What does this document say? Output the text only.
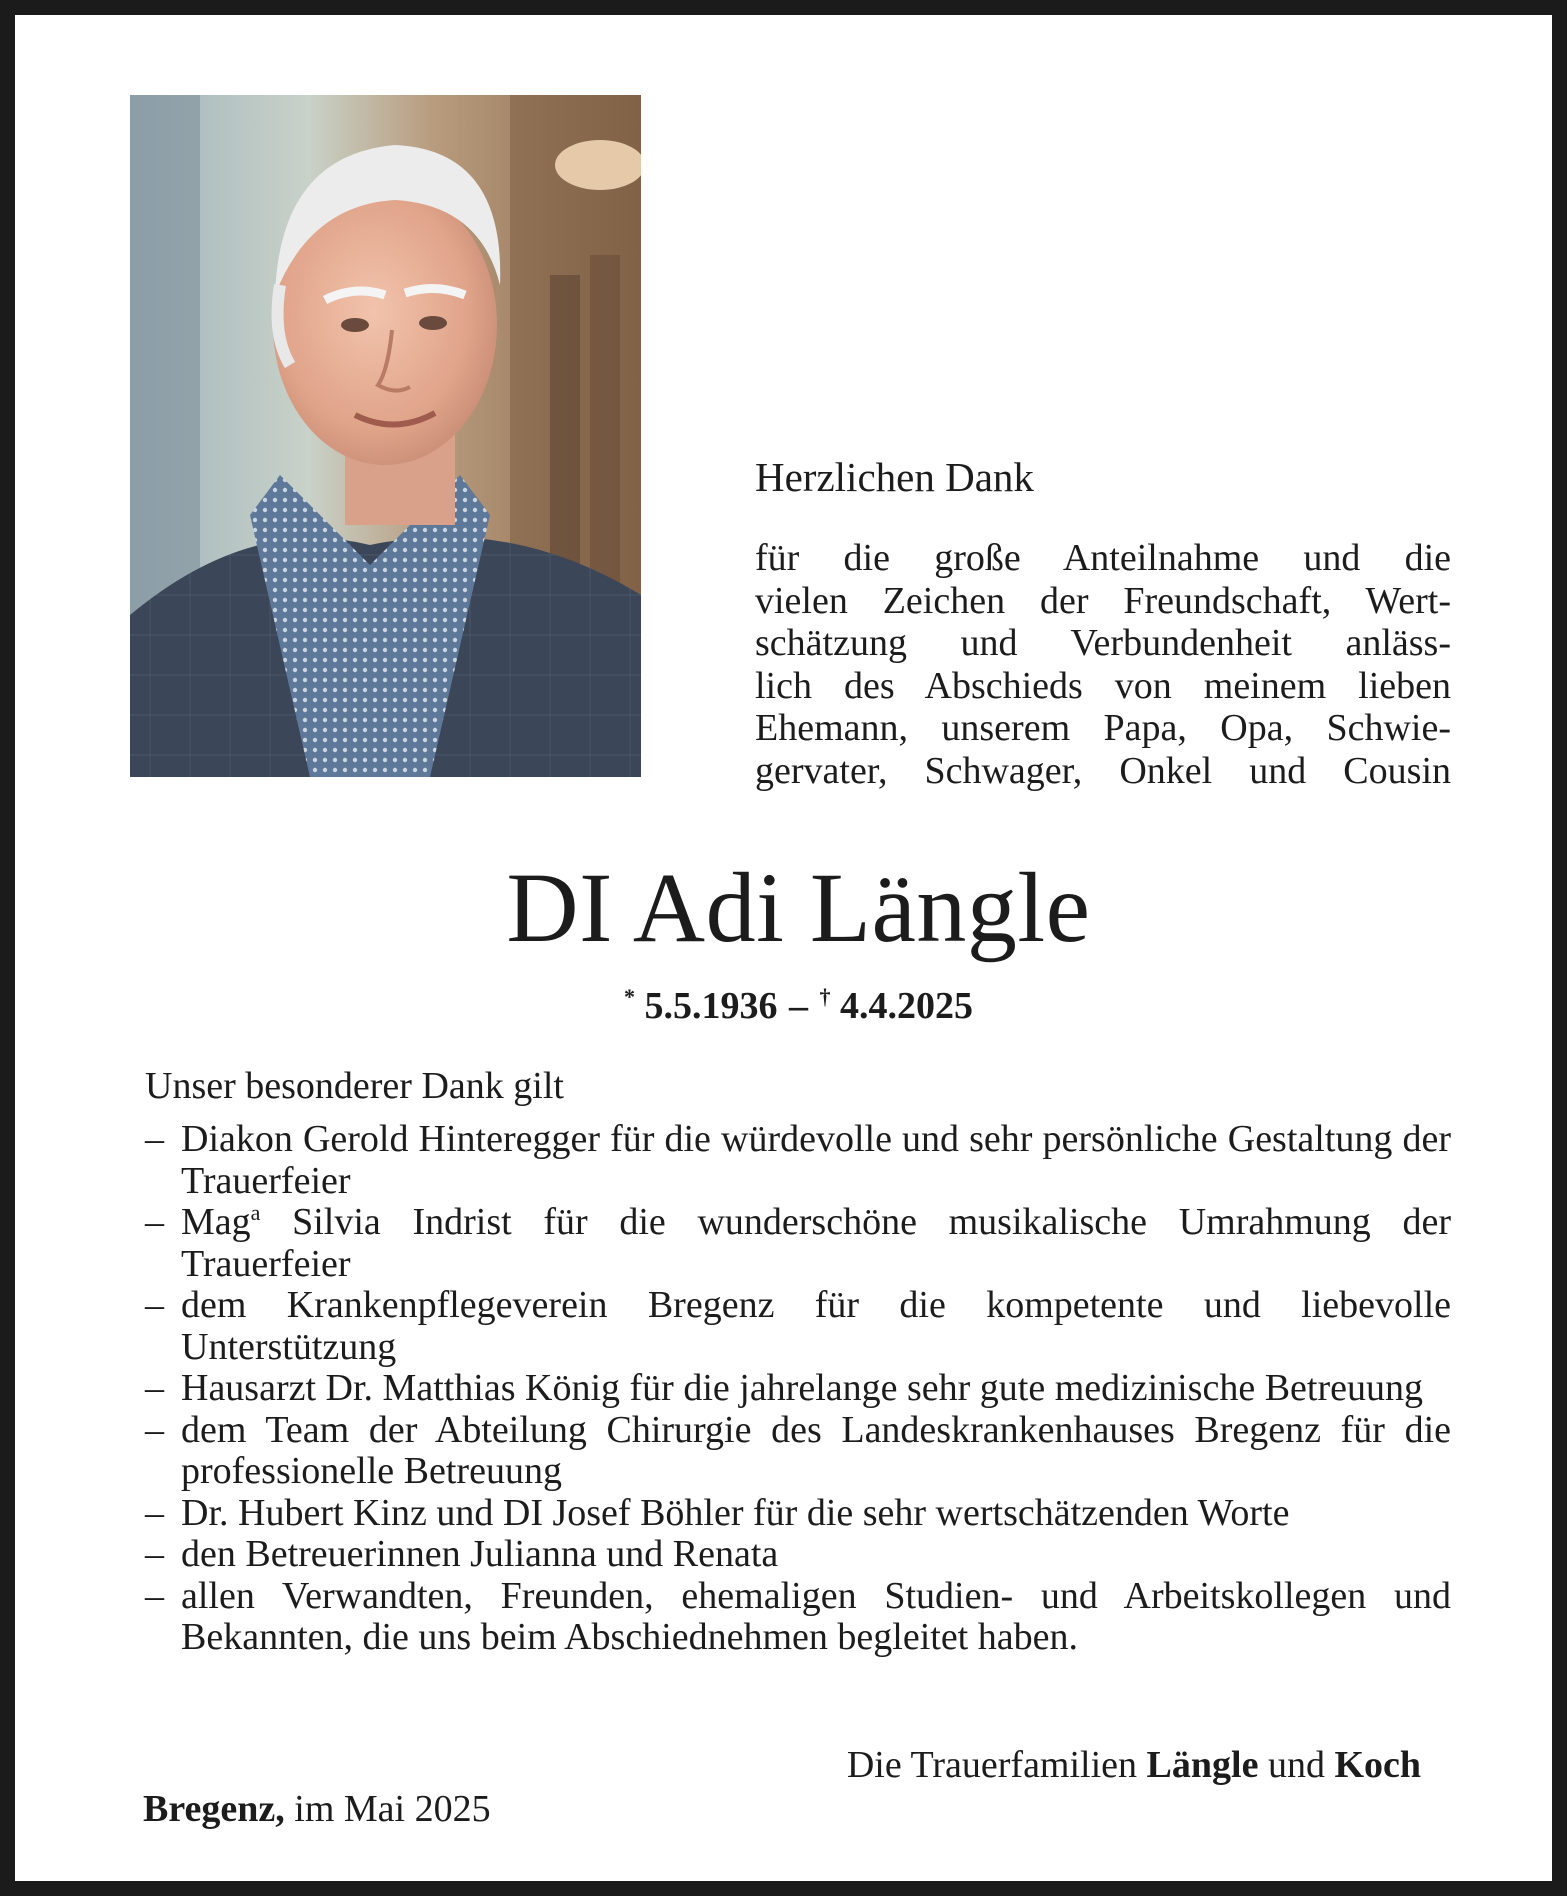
Herzlichen Dank
für die große Anteilnahme und die
vielen Zeichen der Freundschaft, Wert-
schätzung und Verbundenheit anläss-
lich des Abschieds von meinem lieben
Ehemann, unserem Papa, Opa, Schwie-
gervater, Schwager, Onkel und Cousin
DI Adi Längle
* 5.5.1936 – † 4.4.2025
Unser besonderer Dank gilt
– Diakon Gerold Hinteregger für die würdevolle und sehr persönliche Gestaltung der Trauerfeier
– Mag$^a$ Silvia Indrist für die wunderschöne musikalische Umrahmung der Trauerfeier
– dem Krankenpflegeverein Bregenz für die kompetente und liebevolle Unterstützung
– Hausarzt Dr. Matthias König für die jahrelange sehr gute medizinische Betreuung
– dem Team der Abteilung Chirurgie des Landeskrankenhauses Bregenz für die professionelle Betreuung
– Dr. Hubert Kinz und DI Josef Böhler für die sehr wertschätzenden Worte
– den Betreuerinnen Julianna und Renata
– allen Verwandten, Freunden, ehemaligen Studien- und Arbeitskollegen und Bekannten, die uns beim Abschiednehmen begleitet haben.
Die Trauerfamilien Längle und Koch
Bregenz, im Mai 2025
